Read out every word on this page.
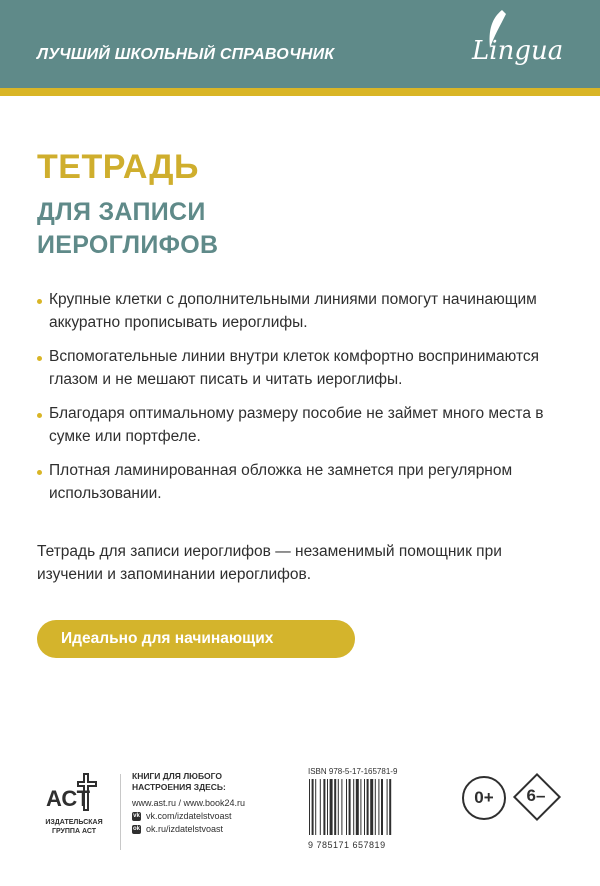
ЛУЧШИЙ ШКОЛЬНЫЙ СПРАВОЧНИК	Lingua
ТЕТРАДЬ
ДЛЯ ЗАПИСИ
ИЕРОГЛИФОВ
Крупные клетки с дополнительными линиями помогут начинающим аккуратно прописывать иероглифы.
Вспомогательные линии внутри клеток комфортно воспринимаются глазом и не мешают писать и читать иероглифы.
Благодаря оптимальному размеру пособие не займет много места в сумке или портфеле.
Плотная ламинированная обложка не замнется при регулярном использовании.
Тетрадь для записи иероглифов — незаменимый помощник при изучении и запоминании иероглифов.
Идеально для начинающих
АСТ
ИЗДАТЕЛЬСКАЯ
ГРУППА АСТ
КНИГИ ДЛЯ ЛЮБОГО
НАСТРОЕНИЯ ЗДЕСЬ:
www.ast.ru / www.book24.ru
vk vk.com/izdatelstvoast
ok ok.ru/izdatelstvoast
ISBN 978-5-17-165781-9
9 785171 657819
0+ 6–
